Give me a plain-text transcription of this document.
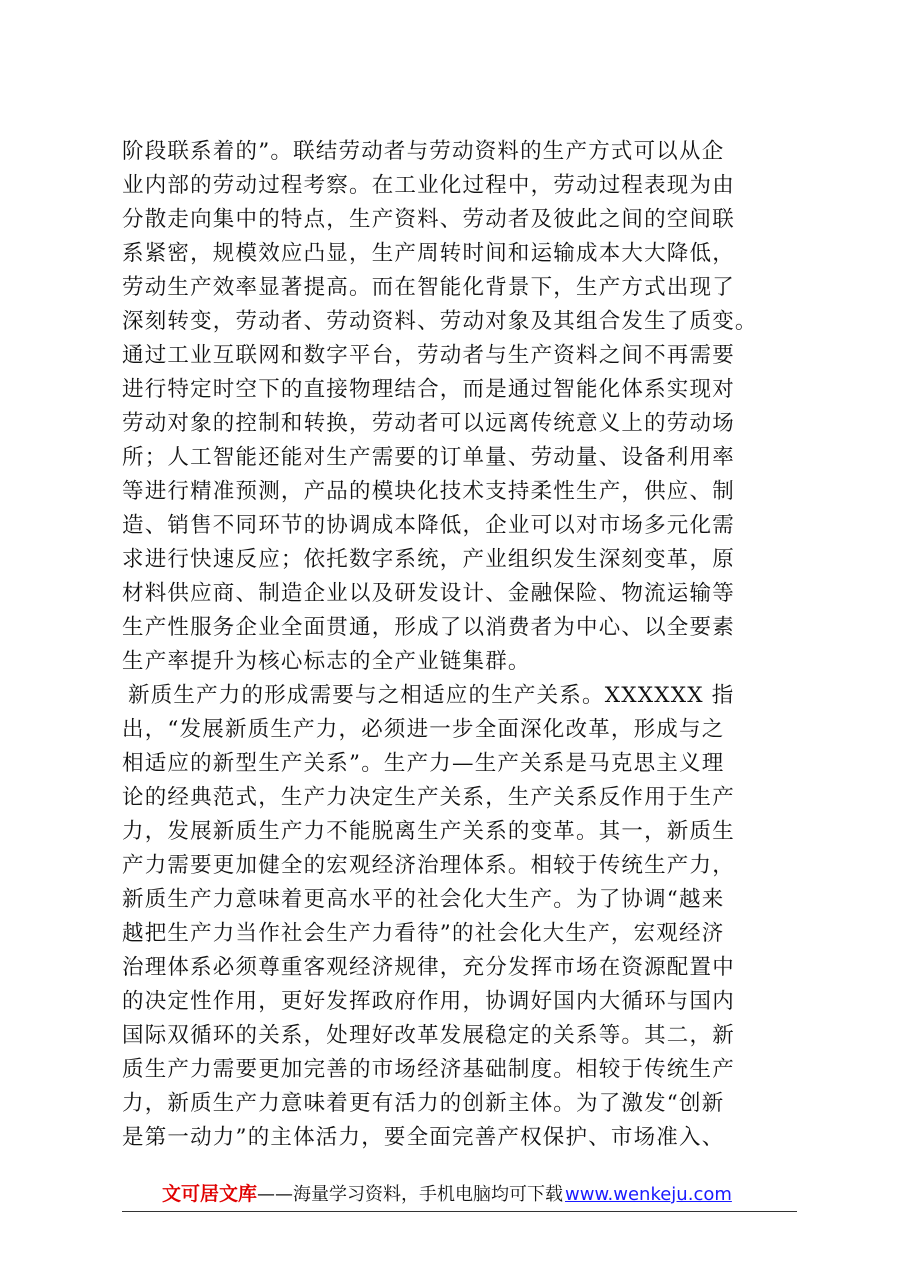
阶段联系着的”。联结劳动者与劳动资料的生产方式可以从企
业内部的劳动过程考察。在工业化过程中，劳动过程表现为由
分散走向集中的特点，生产资料、劳动者及彼此之间的空间联
系紧密，规模效应凸显，生产周转时间和运输成本大大降低，
劳动生产效率显著提高。而在智能化背景下，生产方式出现了
深刻转变，劳动者、劳动资料、劳动对象及其组合发生了质变。
通过工业互联网和数字平台，劳动者与生产资料之间不再需要
进行特定时空下的直接物理结合，而是通过智能化体系实现对
劳动对象的控制和转换，劳动者可以远离传统意义上的劳动场
所；人工智能还能对生产需要的订单量、劳动量、设备利用率
等进行精准预测，产品的模块化技术支持柔性生产，供应、制
造、销售不同环节的协调成本降低，企业可以对市场多元化需
求进行快速反应；依托数字系统，产业组织发生深刻变革，原
材料供应商、制造企业以及研发设计、金融保险、物流运输等
生产性服务企业全面贯通，形成了以消费者为中心、以全要素
生产率提升为核心标志的全产业链集群。
新质生产力的形成需要与之相适应的生产关系。XXXXXX 指
出，“发展新质生产力，必须进一步全面深化改革，形成与之
相适应的新型生产关系”。生产力—生产关系是马克思主义理
论的经典范式，生产力决定生产关系，生产关系反作用于生产
力，发展新质生产力不能脱离生产关系的变革。其一，新质生
产力需要更加健全的宏观经济治理体系。相较于传统生产力，
新质生产力意味着更高水平的社会化大生产。为了协调“越来
越把生产力当作社会生产力看待”的社会化大生产，宏观经济
治理体系必须尊重客观经济规律，充分发挥市场在资源配置中
的决定性作用，更好发挥政府作用，协调好国内大循环与国内
国际双循环的关系，处理好改革发展稳定的关系等。其二，新
质生产力需要更加完善的市场经济基础制度。相较于传统生产
力，新质生产力意味着更有活力的创新主体。为了激发“创新
是第一动力”的主体活力，要全面完善产权保护、市场准入、
文可居文库——海量学习资料，手机电脑均可下载 www.wenkeju.com
